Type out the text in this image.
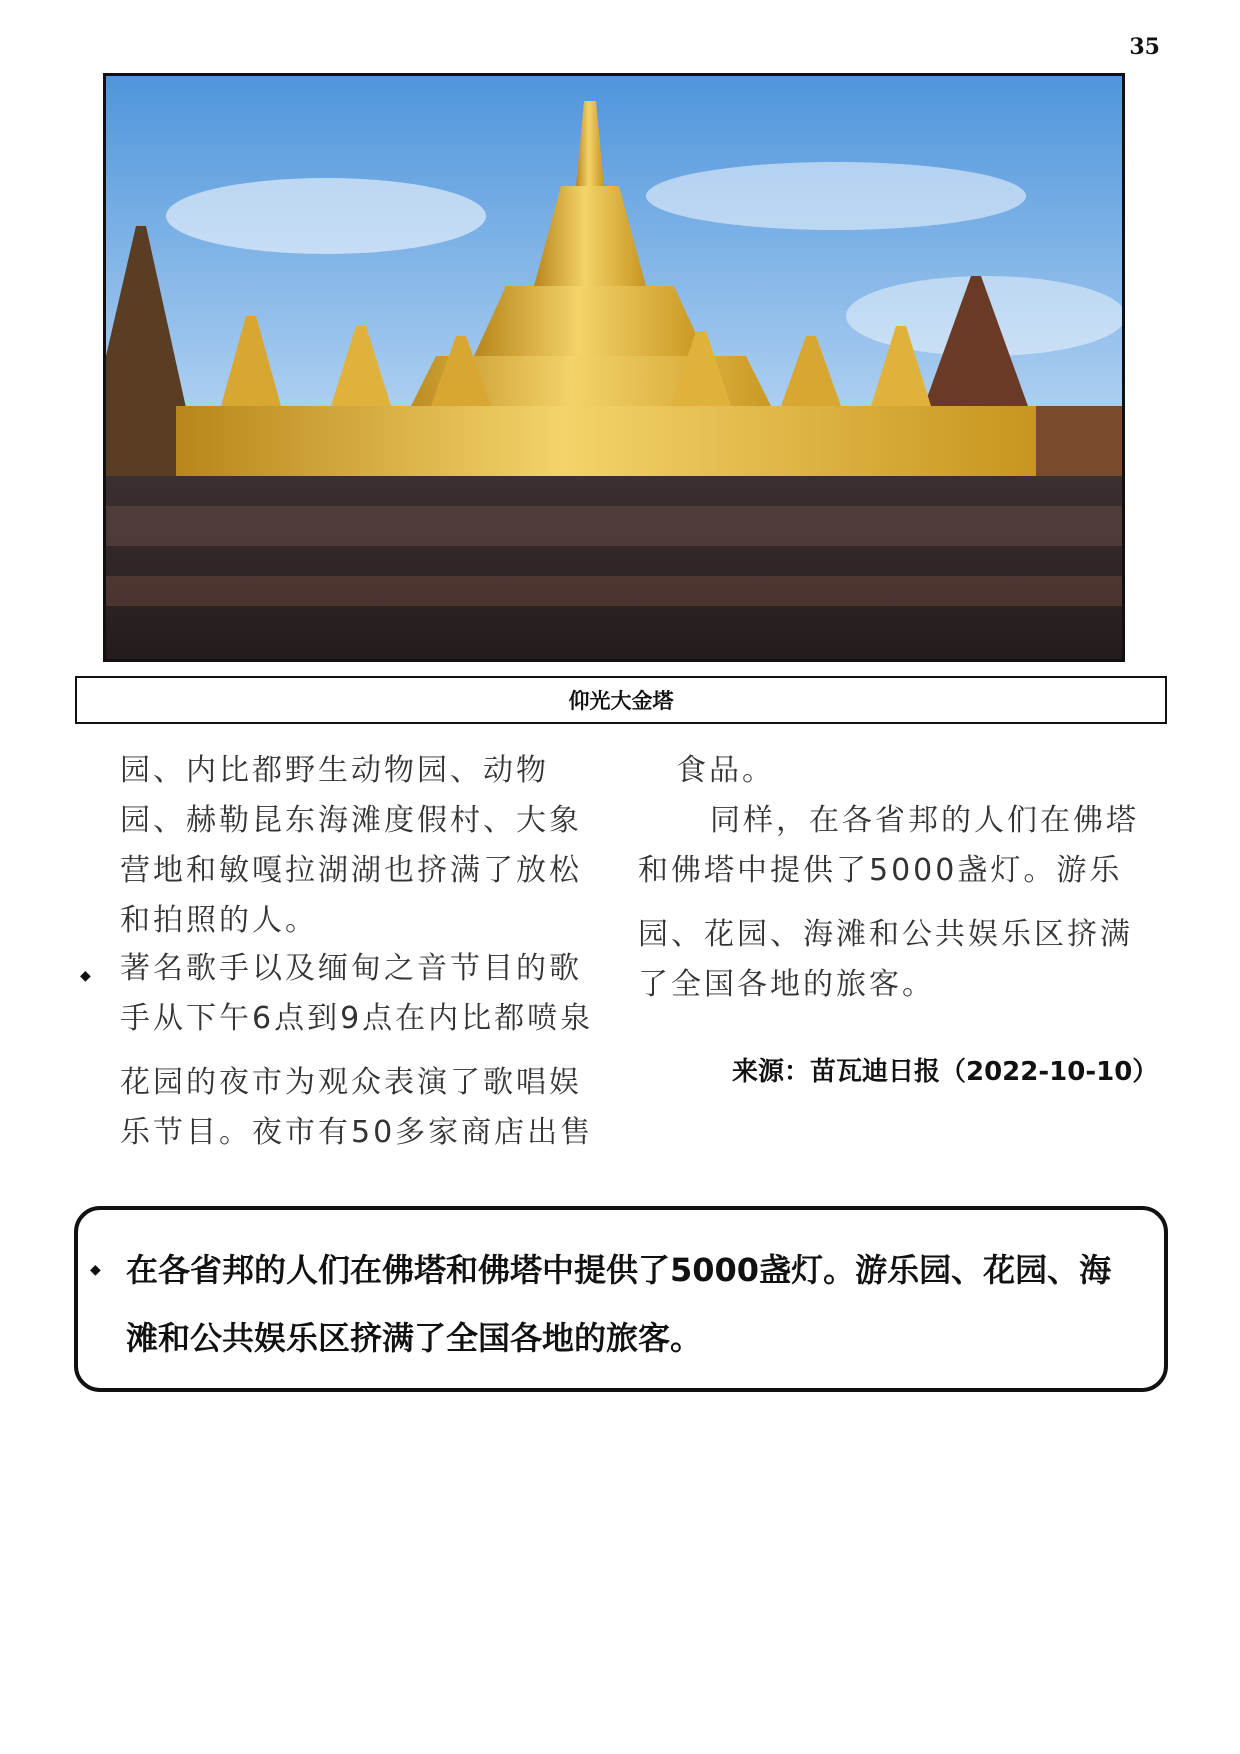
35
仰光大金塔

园、内比都野生动物园、动物
园、赫勒昆东海滩度假村、大象
营地和敏嘎拉湖湖也挤满了放松
和拍照的人。

◆ 著名歌手以及缅甸之音节目的歌
手从下午6点到9点在内比都喷泉

花园的夜市为观众表演了歌唱娱
乐节目。夜市有50多家商店出售

食品。
同样，在各省邦的人们在佛塔
和佛塔中提供了5000盏灯。游乐

园、花园、海滩和公共娱乐区挤满
了全国各地的旅客。

来源：苗瓦迪日报（2022-10-10）
◆ 在各省邦的人们在佛塔和佛塔中提供了5000盏灯。游乐园、花园、海
滩和公共娱乐区挤满了全国各地的旅客。
